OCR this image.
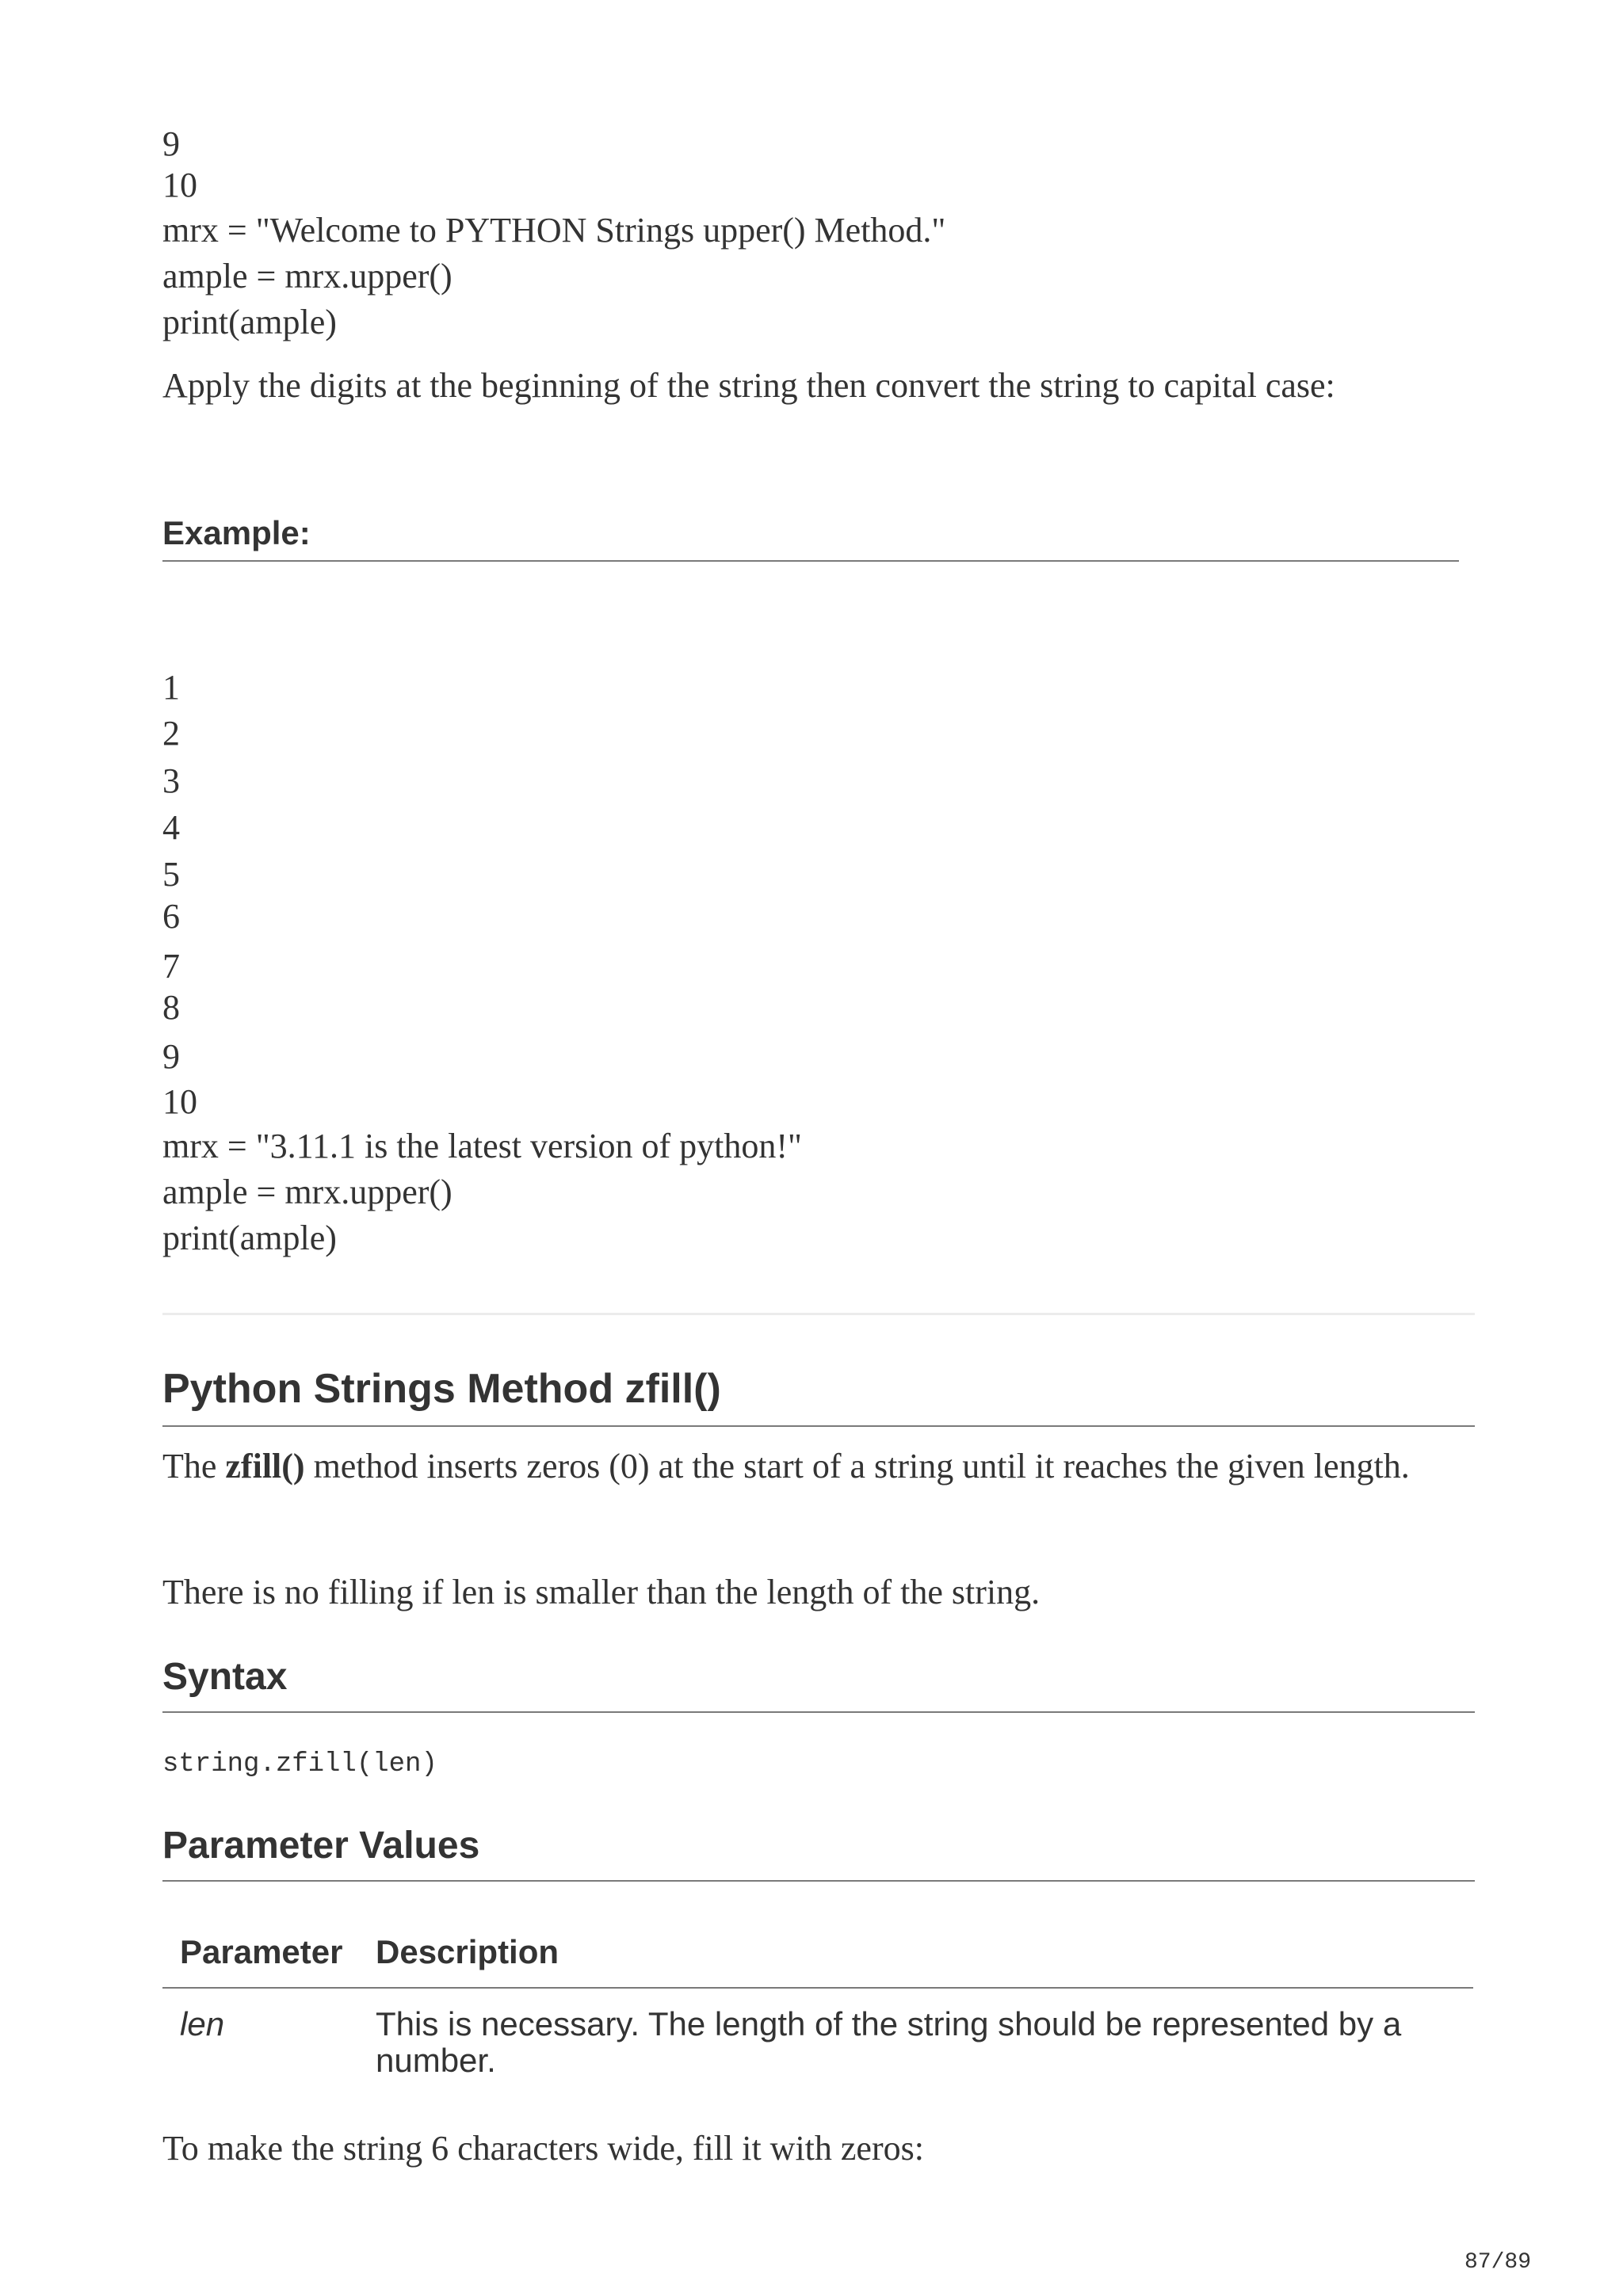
9
10
mrx = "Welcome to PYTHON Strings upper() Method."
ample = mrx.upper()
print(ample)
Apply the digits at the beginning of the string then convert the string to capital case:
Example:
1
2
3
4
5
6
7
8
9
10
mrx = "3.11.1 is the latest version of python!"
ample = mrx.upper()
print(ample)
Python Strings Method zfill()

The zfill() method inserts zeros (0) at the start of a string until it reaches the given length.

There is no filling if len is smaller than the length of the string.
Syntax
string.zfill(len)
Parameter Values
Parameter	Description
len	This is necessary. The length of the string should be represented by a number.
To make the string 6 characters wide, fill it with zeros:
87/89
